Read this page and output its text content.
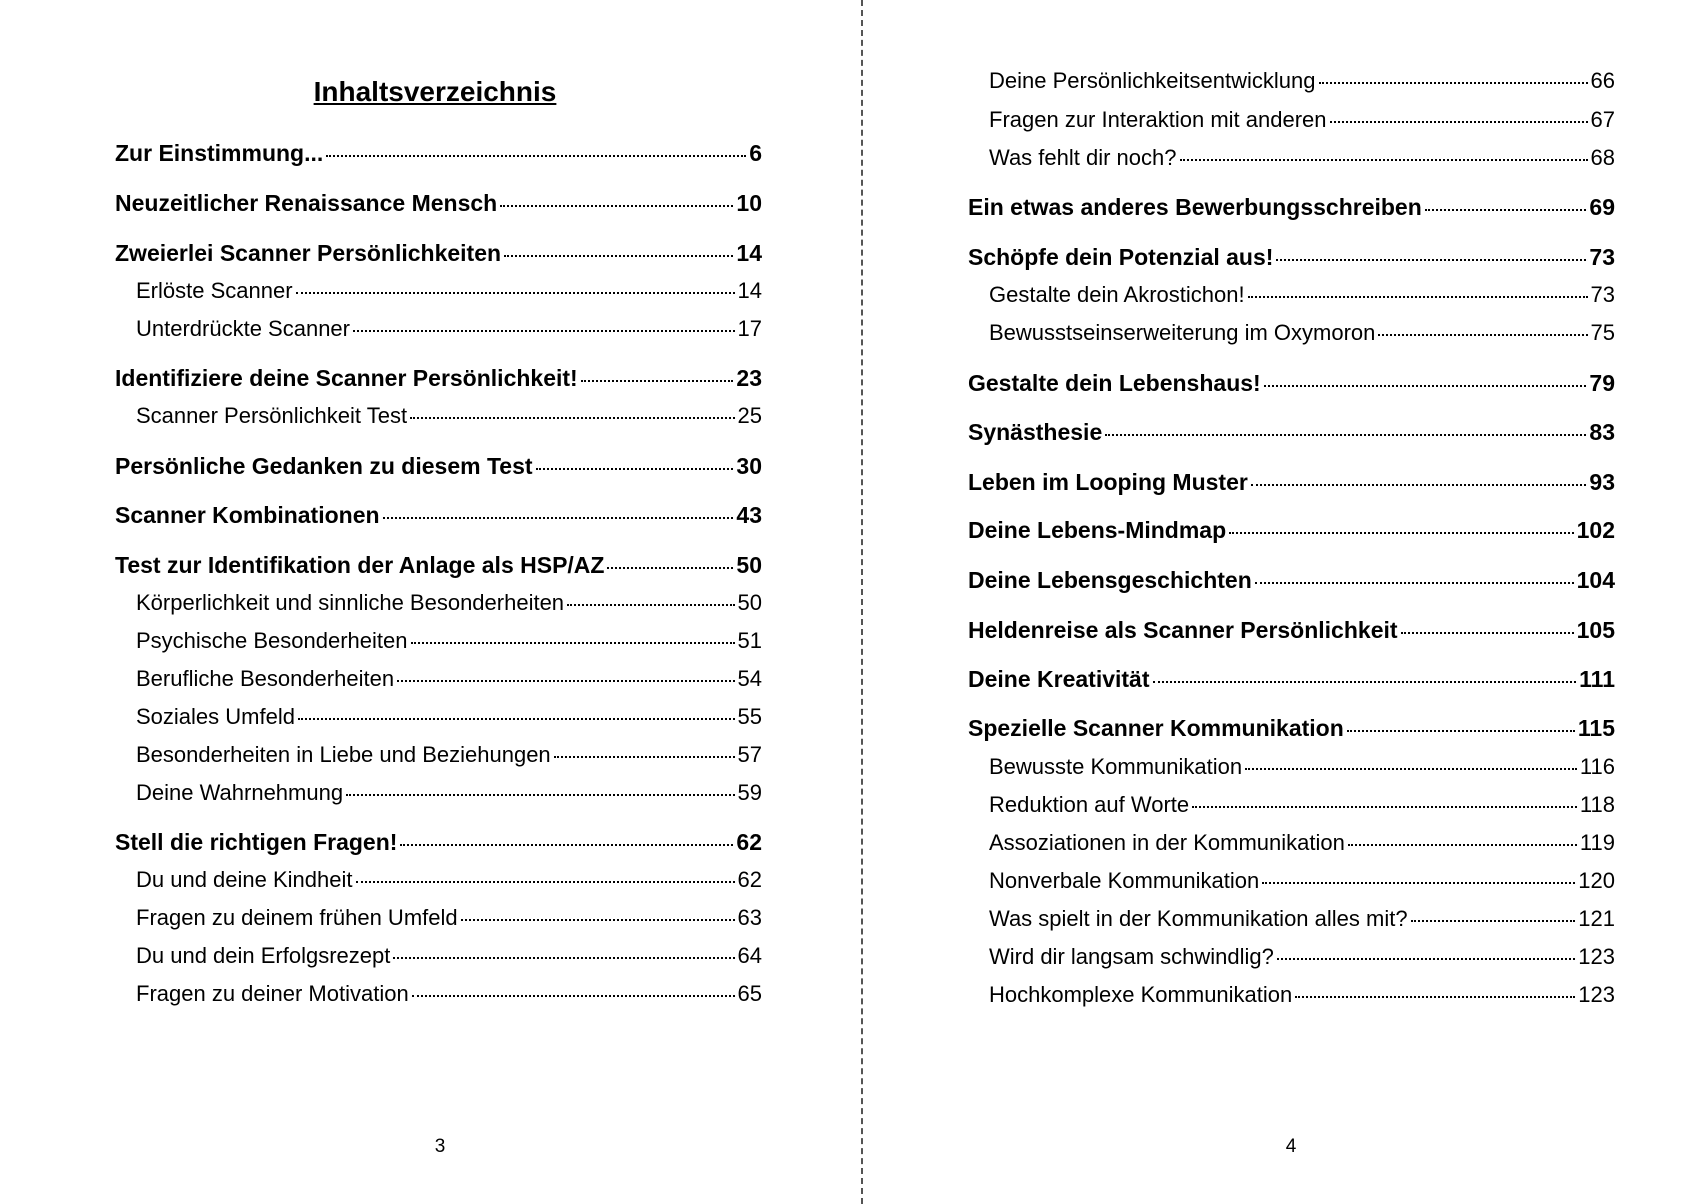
Inhaltsverzeichnis
Zur Einstimmung...	6
Neuzeitlicher Renaissance Mensch	10
Zweierlei Scanner Persönlichkeiten	14
Erlöste Scanner	14
Unterdrückte Scanner	17
Identifiziere deine Scanner Persönlichkeit!	23
Scanner Persönlichkeit Test	25
Persönliche Gedanken zu diesem Test	30
Scanner Kombinationen	43
Test zur Identifikation der Anlage als HSP/AZ	50
Körperlichkeit und sinnliche Besonderheiten	50
Psychische Besonderheiten	51
Berufliche Besonderheiten	54
Soziales Umfeld	55
Besonderheiten in Liebe und Beziehungen	57
Deine Wahrnehmung	59
Stell die richtigen Fragen!	62
Du und deine Kindheit	62
Fragen zu deinem frühen Umfeld	63
Du und dein Erfolgsrezept	64
Fragen zu deiner Motivation	65
3
Deine Persönlichkeitsentwicklung	66
Fragen zur Interaktion mit anderen	67
Was fehlt dir noch?	68
Ein etwas anderes Bewerbungsschreiben	69
Schöpfe dein Potenzial aus!	73
Gestalte dein Akrostichon!	73
Bewusstseinserweiterung im Oxymoron	75
Gestalte dein Lebenshaus!	79
Synästhesie	83
Leben im Looping Muster	93
Deine Lebens-Mindmap	102
Deine Lebensgeschichten	104
Heldenreise als Scanner Persönlichkeit	105
Deine Kreativität	111
Spezielle Scanner Kommunikation	115
Bewusste Kommunikation	116
Reduktion auf Worte	118
Assoziationen in der Kommunikation	119
Nonverbale Kommunikation	120
Was spielt in der Kommunikation alles mit?	121
Wird dir langsam schwindlig?	123
Hochkomplexe Kommunikation	123
4
